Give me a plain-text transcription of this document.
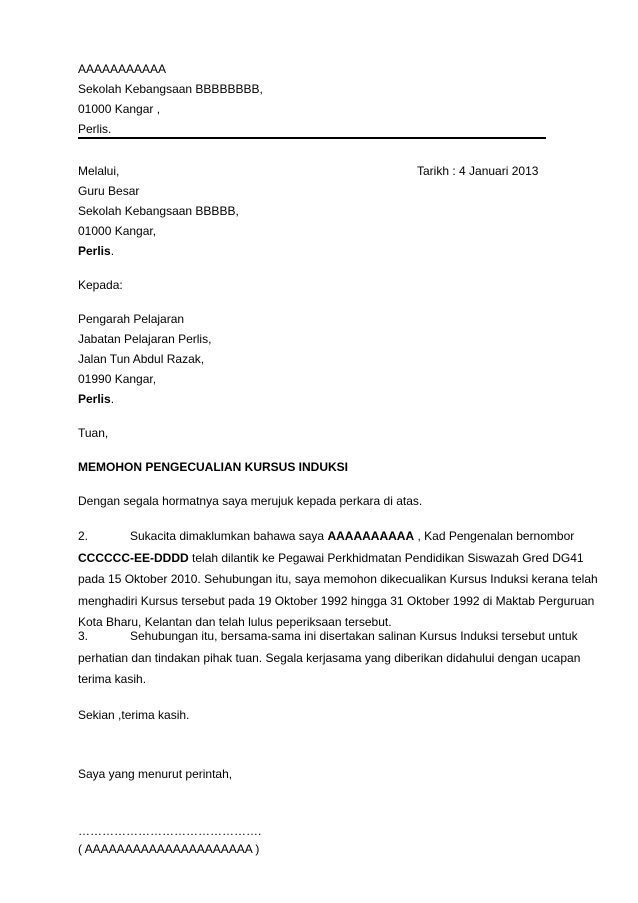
AAAAAAAAAAA
Sekolah Kebangsaan BBBBBBBB,
01000 Kangar ,
Perlis.
Melalui,	Tarikh : 4 Januari 2013
Guru Besar
Sekolah Kebangsaan BBBBB,
01000 Kangar,
Perlis.
Kepada:
Pengarah Pelajaran
Jabatan Pelajaran Perlis,
Jalan Tun Abdul Razak,
01990 Kangar,
Perlis.
Tuan,
MEMOHON PENGECUALIAN KURSUS INDUKSI
Dengan segala hormatnya saya merujuk kepada perkara di atas.
2.	Sukacita dimaklumkan bahawa saya AAAAAAAAAA , Kad Pengenalan bernombor
CCCCCC-EE-DDDD telah dilantik ke Pegawai Perkhidmatan Pendidikan Siswazah Gred DG41
pada 15 Oktober 2010. Sehubungan itu, saya memohon dikecualikan Kursus Induksi kerana telah
menghadiri Kursus tersebut pada 19 Oktober 1992 hingga 31 Oktober 1992 di Maktab Perguruan
Kota Bharu, Kelantan dan telah lulus peperiksaan tersebut.
3.	Sehubungan itu, bersama-sama ini disertakan salinan Kursus Induksi tersebut untuk
perhatian dan tindakan pihak tuan. Segala kerjasama yang diberikan didahului dengan ucapan
terima kasih.
Sekian ,terima kasih.
Saya yang menurut perintah,
……………………………………….
( AAAAAAAAAAAAAAAAAAAAA )
